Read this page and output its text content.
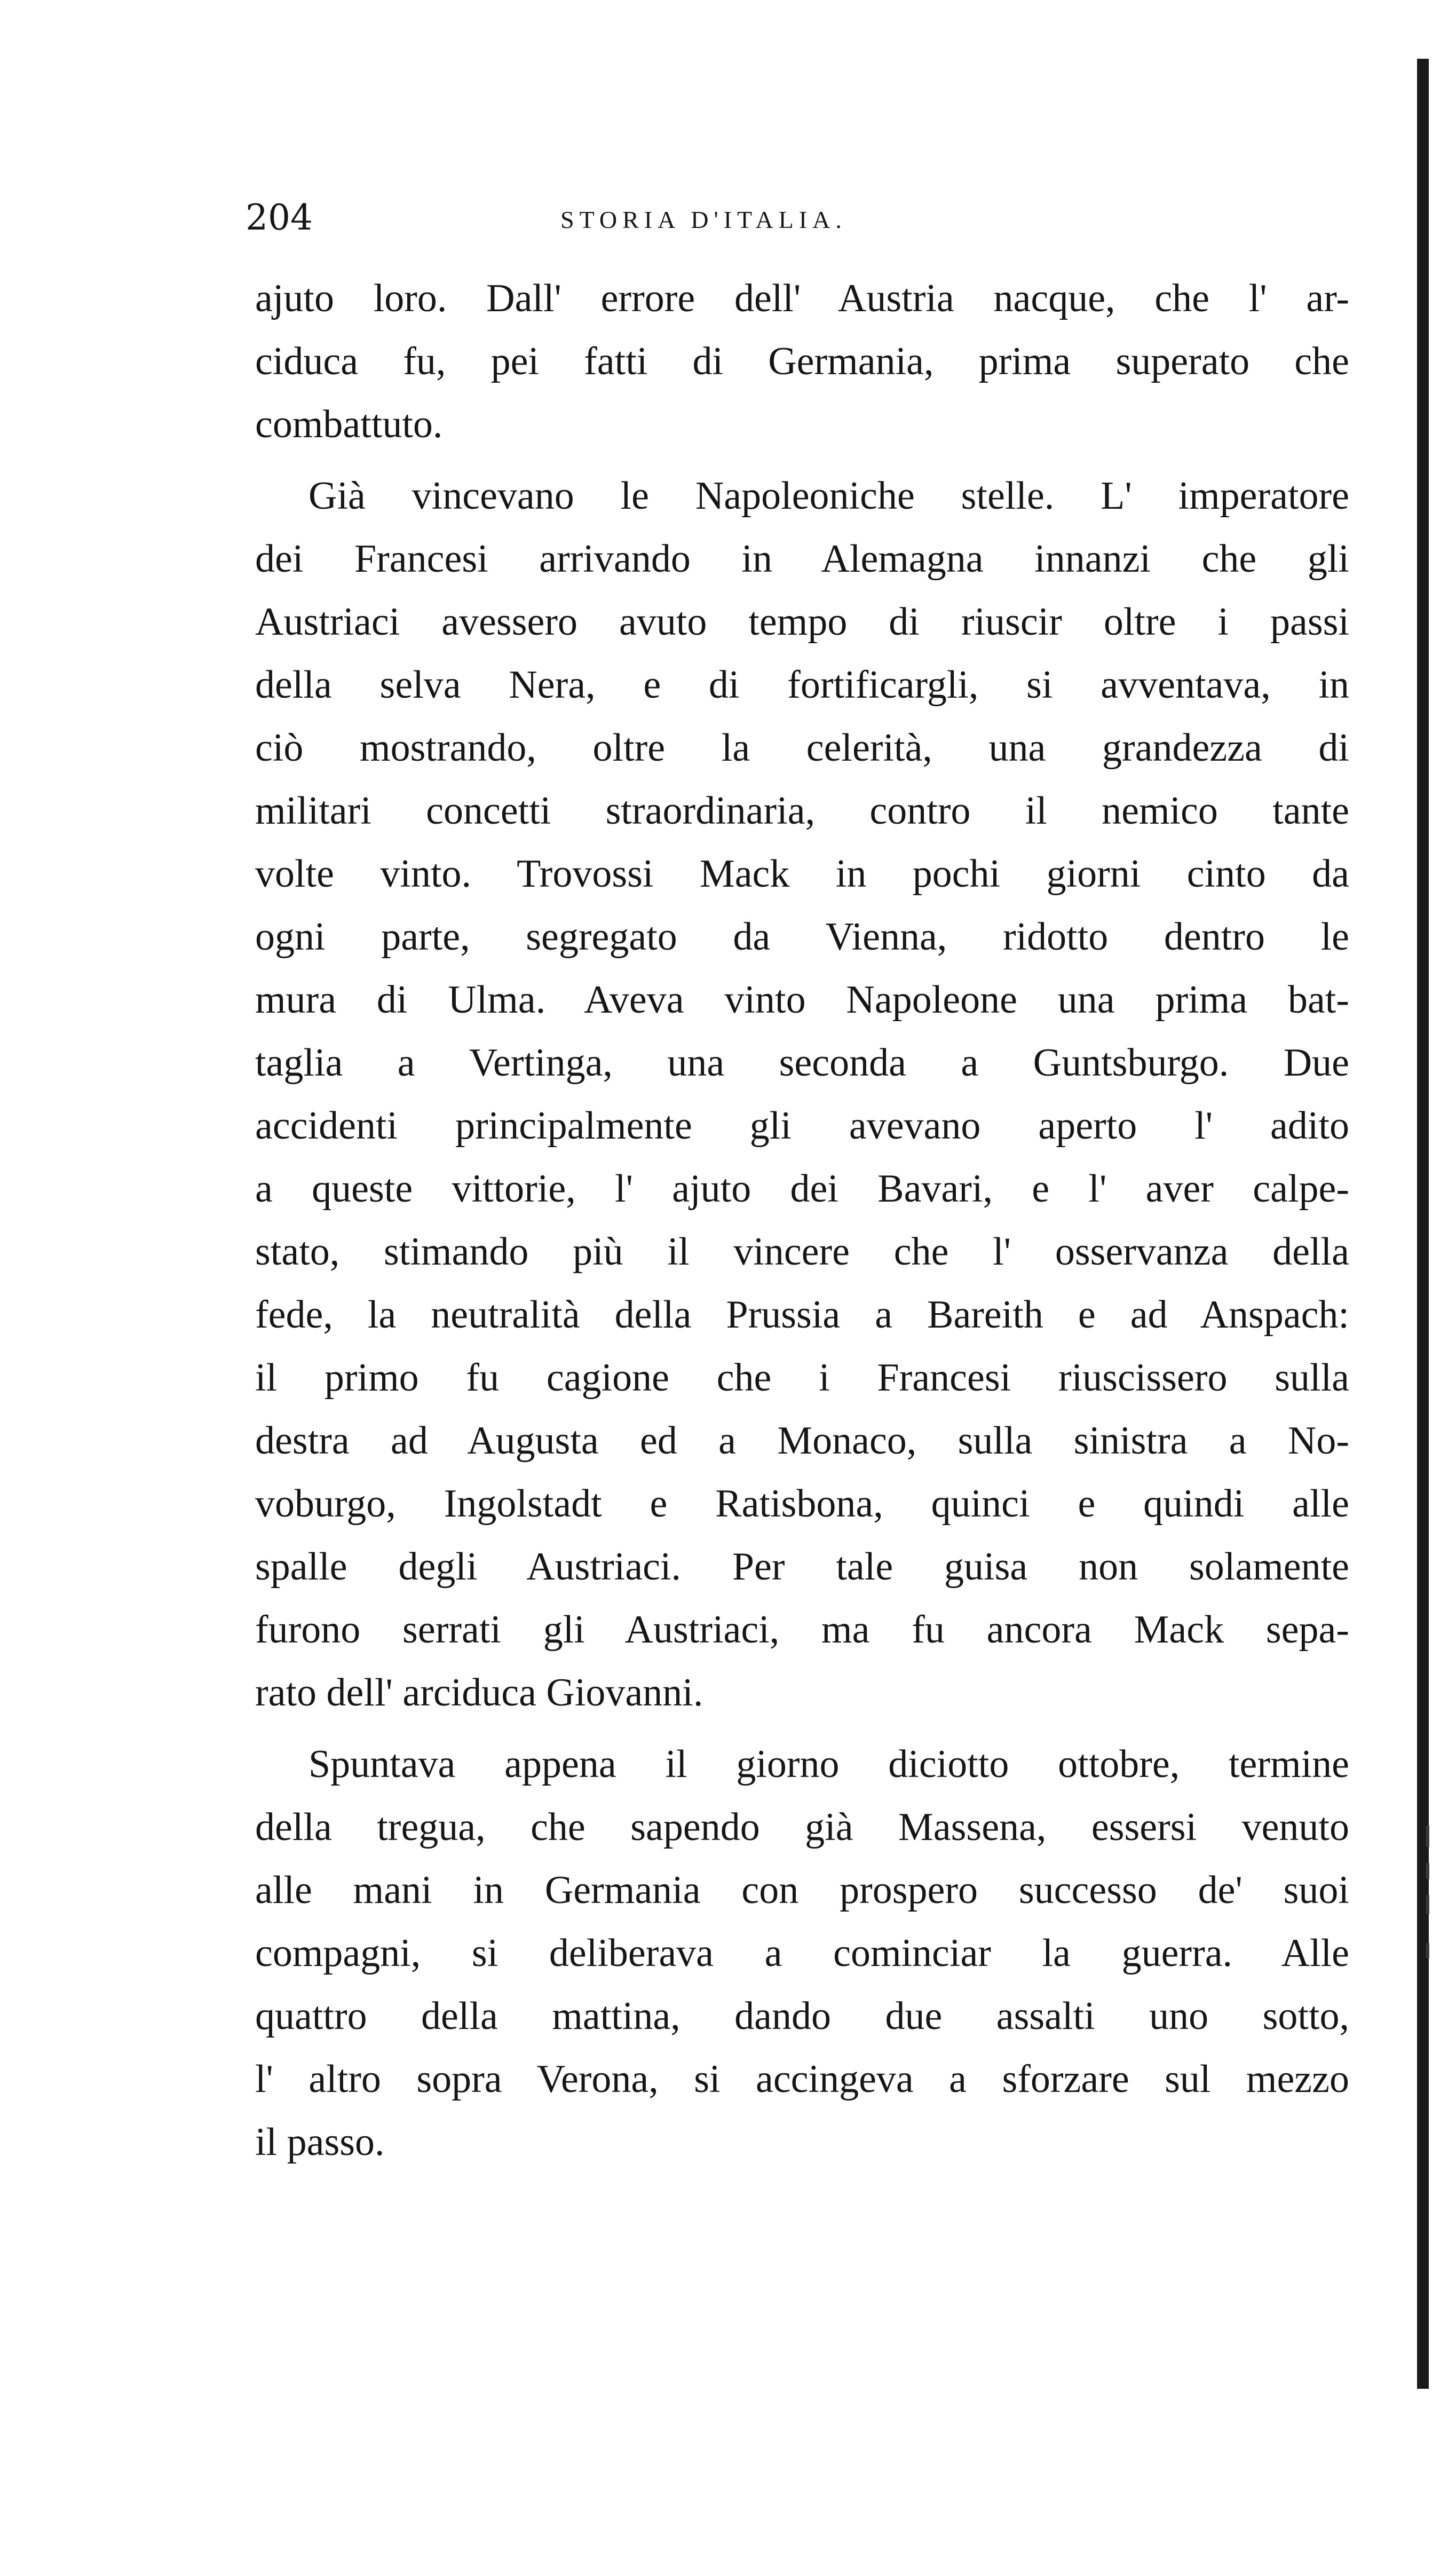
204	STORIA D'ITALIA.
ajuto loro. Dall' errore dell' Austria nacque, che l' ar-
ciduca fu, pei fatti di Germania, prima superato che
combattuto.
Già vincevano le Napoleoniche stelle. L' imperatore
dei Francesi arrivando in Alemagna innanzi che gli
Austriaci avessero avuto tempo di riuscir oltre i passi
della selva Nera, e di fortificargli, si avventava, in
ciò mostrando, oltre la celerità, una grandezza di
militari concetti straordinaria, contro il nemico tante
volte vinto. Trovossi Mack in pochi giorni cinto da
ogni parte, segregato da Vienna, ridotto dentro le
mura di Ulma. Aveva vinto Napoleone una prima bat-
taglia a Vertinga, una seconda a Guntsburgo. Due
accidenti principalmente gli avevano aperto l' adito
a queste vittorie, l' ajuto dei Bavari, e l' aver calpe-
stato, stimando più il vincere che l' osservanza della
fede, la neutralità della Prussia a Bareith e ad Anspach:
il primo fu cagione che i Francesi riuscissero sulla
destra ad Augusta ed a Monaco, sulla sinistra a No-
voburgo, Ingolstadt e Ratisbona, quinci e quindi alle
spalle degli Austriaci. Per tale guisa non solamente
furono serrati gli Austriaci, ma fu ancora Mack sepa-
rato dell' arciduca Giovanni.
Spuntava appena il giorno diciotto ottobre, termine
della tregua, che sapendo già Massena, essersi venuto
alle mani in Germania con prospero successo de' suoi
compagni, si deliberava a cominciar la guerra. Alle
quattro della mattina, dando due assalti uno sotto,
l' altro sopra Verona, si accingeva a sforzare sul mezzo
il passo.
